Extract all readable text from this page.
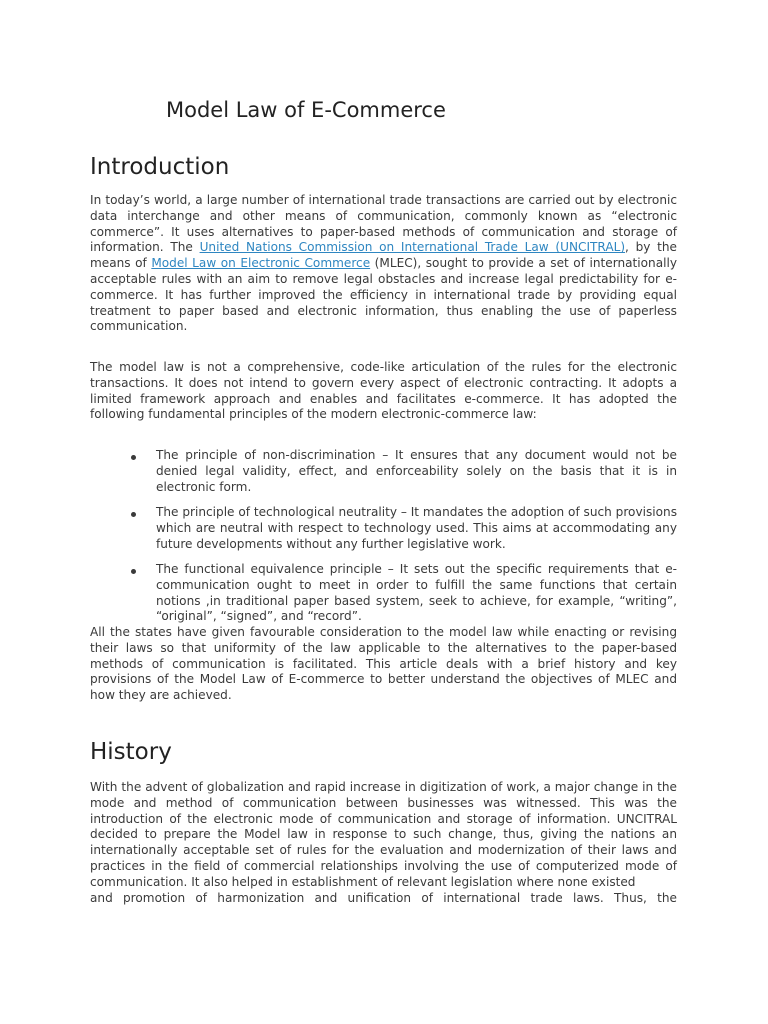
Model Law of E-Commerce
Introduction

In today’s world, a large number of international trade transactions are carried out by electronic data interchange and other means of communication, commonly known as “electronic commerce”. It uses alternatives to paper-based methods of communication and storage of information. The United Nations Commission on International Trade Law (UNCITRAL), by the means of Model Law on Electronic Commerce (MLEC), sought to provide a set of internationally acceptable rules with an aim to remove legal obstacles and increase legal predictability for e-commerce. It has further improved the efficiency in international trade by providing equal treatment to paper based and electronic information, thus enabling the use of paperless communication.

The model law is not a comprehensive, code-like articulation of the rules for the electronic transactions. It does not intend to govern every aspect of electronic contracting. It adopts a limited framework approach and enables and facilitates e-commerce. It has adopted the following fundamental principles of the modern electronic-commerce law:

The principle of non-discrimination – It ensures that any document would not be denied legal validity, effect, and enforceability solely on the basis that it is in electronic form.

The principle of technological neutrality – It mandates the adoption of such provisions which are neutral with respect to technology used. This aims at accommodating any future developments without any further legislative work.

The functional equivalence principle – It sets out the specific requirements that e-communication ought to meet in order to fulfill the same functions that certain notions ,in traditional paper based system, seek to achieve, for example, “writing”, “original”, “signed”, and “record”.

All the states have given favourable consideration to the model law while enacting or revising their laws so that uniformity of the law applicable to the alternatives to the paper-based methods of communication is facilitated. This article deals with a brief history and key provisions of the Model Law of E-commerce to better understand the objectives of MLEC and how they are achieved.

History

With the advent of globalization and rapid increase in digitization of work, a major change in the mode and method of communication between businesses was witnessed. This was the introduction of the electronic mode of communication and storage of information. UNCITRAL decided to prepare the Model law in response to such change, thus, giving the nations an internationally acceptable set of rules for the evaluation and modernization of their laws and practices in the field of commercial relationships involving the use of computerized mode of communication. It also helped in establishment of relevant legislation where none existed
and promotion of harmonization and unification of international trade laws. Thus, the
